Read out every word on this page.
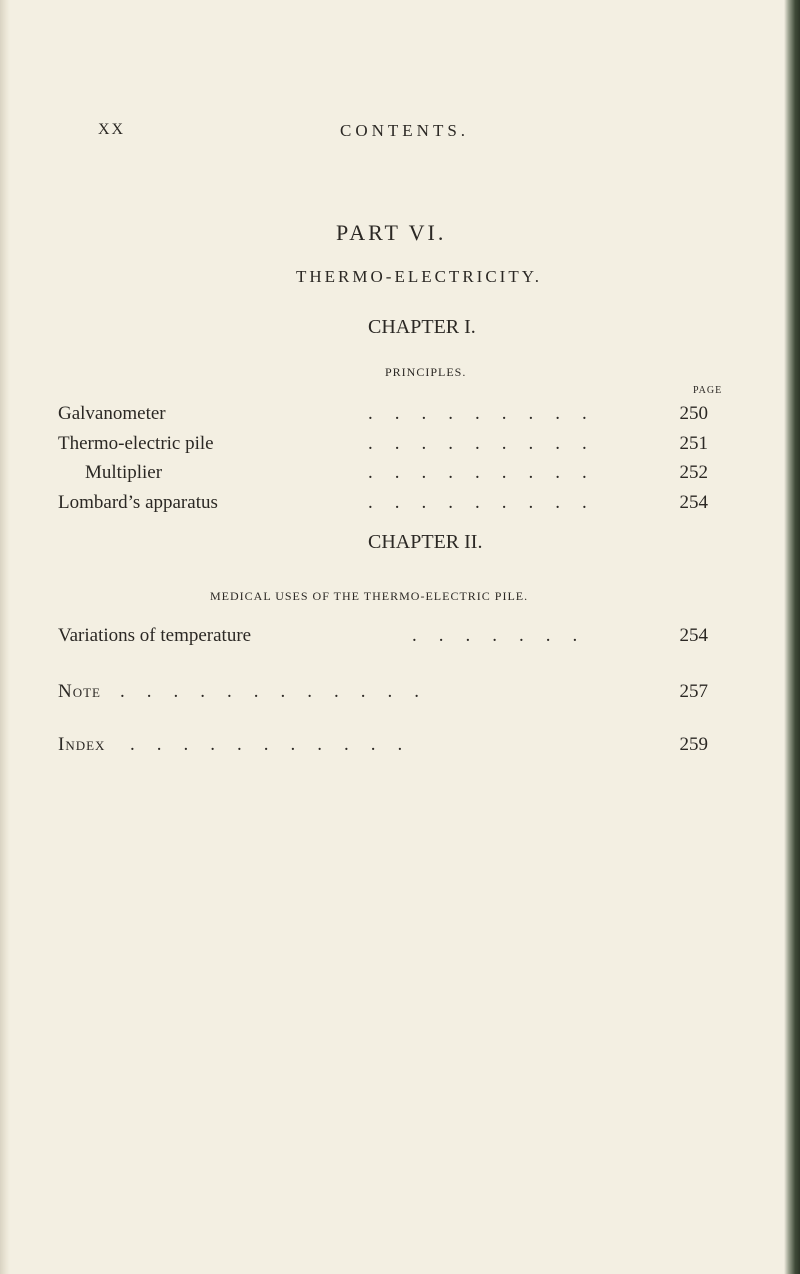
XX	CONTENTS.
PART VI.
THERMO-ELECTRICITY.
CHAPTER I.
PRINCIPLES.
PAGE
Galvanometer	.........	250
Thermo-electric pile	.........	251
Multiplier	.........	252
Lombard’s apparatus	.........	254
CHAPTER II.
MEDICAL USES OF THE THERMO-ELECTRIC PILE.
Variations of temperature	.......	254
Note ............	257
Index ...........	259
